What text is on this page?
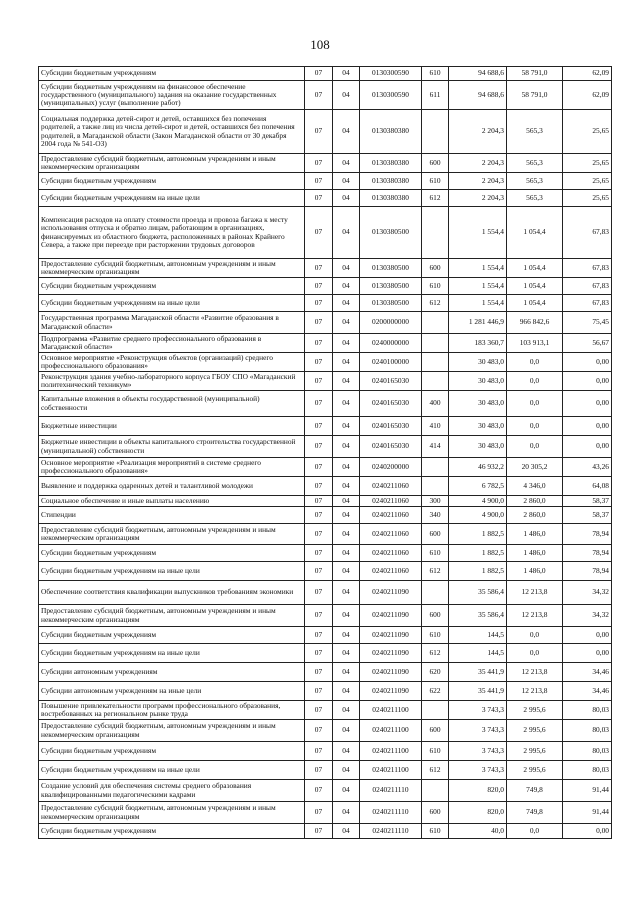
108
Субсидии бюджетным учреждениям	07	04	0130300590	610	94 688,6	58 791,0	62,09
Субсидии бюджетным учреждениям на финансовое обеспечение государственного (муниципального) задания на оказание государственных (муниципальных) услуг (выполнение работ)	07	04	0130300590	611	94 688,6	58 791,0	62,09
Социальная поддержка детей-сирот и детей, оставшихся без попечения родителей, а также лиц из числа детей-сирот и детей, оставшихся без попечения родителей, в Магаданской области (Закон Магаданской области от 30 декабря 2004 года № 541-ОЗ)	07	04	0130380380		2 204,3	565,3	25,65
Предоставление субсидий бюджетным, автономным учреждениям и иным некоммерческим организациям	07	04	0130380380	600	2 204,3	565,3	25,65
Субсидии бюджетным учреждениям	07	04	0130380380	610	2 204,3	565,3	25,65
Субсидии бюджетным учреждениям на иные цели	07	04	0130380380	612	2 204,3	565,3	25,65
Компенсация расходов на оплату стоимости проезда и провоза багажа к месту использования отпуска и обратно лицам, работающим в организациях, финансируемых из областного бюджета, расположенных в районах Крайнего Севера, а также при переезде при расторжении трудовых договоров	07	04	0130380500		1 554,4	1 054,4	67,83
Предоставление субсидий бюджетным, автономным учреждениям и иным некоммерческим организациям	07	04	0130380500	600	1 554,4	1 054,4	67,83
Субсидии бюджетным учреждениям	07	04	0130380500	610	1 554,4	1 054,4	67,83
Субсидии бюджетным учреждениям на иные цели	07	04	0130380500	612	1 554,4	1 054,4	67,83
Государственная программа Магаданской области «Развитие образования в Магаданской области»	07	04	0200000000		1 281 446,9	966 842,6	75,45
Подпрограмма «Развитие среднего профессионального образования в Магаданской области»	07	04	0240000000		183 360,7	103 913,1	56,67
Основное мероприятие «Реконструкция объектов (организаций) среднего профессионального образования»	07	04	0240100000		30 483,0	0,0	0,00
Реконструкция здания учебно-лабораторного корпуса ГБОУ СПО «Магаданский политехнический техникум»	07	04	0240165030		30 483,0	0,0	0,00
Капитальные вложения в объекты государственной (муниципальной) собственности	07	04	0240165030	400	30 483,0	0,0	0,00
Бюджетные инвестиции	07	04	0240165030	410	30 483,0	0,0	0,00
Бюджетные инвестиции в объекты капитального строительства государственной (муниципальной) собственности	07	04	0240165030	414	30 483,0	0,0	0,00
Основное мероприятие «Реализация мероприятий в системе среднего профессионального образования»	07	04	0240200000		46 932,2	20 305,2	43,26
Выявление и поддержка одаренных детей и талантливой молодежи	07	04	0240211060		6 782,5	4 346,0	64,08
Социальное обеспечение и иные выплаты населению	07	04	0240211060	300	4 900,0	2 860,0	58,37
Стипендии	07	04	0240211060	340	4 900,0	2 860,0	58,37
Предоставление субсидий бюджетным, автономным учреждениям и иным некоммерческим организациям	07	04	0240211060	600	1 882,5	1 486,0	78,94
Субсидии бюджетным учреждениям	07	04	0240211060	610	1 882,5	1 486,0	78,94
Субсидии бюджетным учреждениям на иные цели	07	04	0240211060	612	1 882,5	1 486,0	78,94
Обеспечение соответствия квалификации выпускников требованиям экономики	07	04	0240211090		35 586,4	12 213,8	34,32
Предоставление субсидий бюджетным, автономным учреждениям и иным некоммерческим организациям	07	04	0240211090	600	35 586,4	12 213,8	34,32
Субсидии бюджетным учреждениям	07	04	0240211090	610	144,5	0,0	0,00
Субсидии бюджетным учреждениям на иные цели	07	04	0240211090	612	144,5	0,0	0,00
Субсидии автономным учреждениям	07	04	0240211090	620	35 441,9	12 213,8	34,46
Субсидии автономным учреждениям на иные цели	07	04	0240211090	622	35 441,9	12 213,8	34,46
Повышение привлекательности программ профессионального образования, востребованных на региональном рынке труда	07	04	0240211100		3 743,3	2 995,6	80,03
Предоставление субсидий бюджетным, автономным учреждениям и иным некоммерческим организациям	07	04	0240211100	600	3 743,3	2 995,6	80,03
Субсидии бюджетным учреждениям	07	04	0240211100	610	3 743,3	2 995,6	80,03
Субсидии бюджетным учреждениям на иные цели	07	04	0240211100	612	3 743,3	2 995,6	80,03
Создание условий для обеспечения системы среднего образования квалифицированными педагогическими кадрами	07	04	0240211110		820,0	749,8	91,44
Предоставление субсидий бюджетным, автономным учреждениям и иным некоммерческим организациям	07	04	0240211110	600	820,0	749,8	91,44
Субсидии бюджетным учреждениям	07	04	0240211110	610	40,0	0,0	0,00
